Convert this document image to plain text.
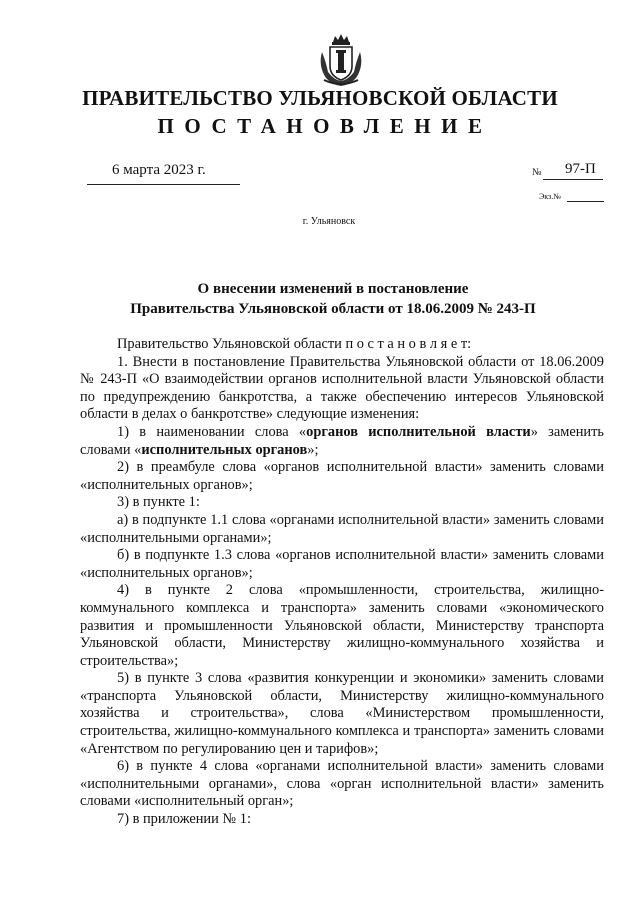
ПРАВИТЕЛЬСТВО УЛЬЯНОВСКОЙ ОБЛАСТИ
ПОСТАНОВЛЕНИЕ
6 марта 2023 г.	№ 97-П
Экз.№
г. Ульяновск
О внесении изменений в постановление
Правительства Ульяновской области от 18.06.2009 № 243-П

Правительство Ульяновской области п о с т а н о в л я е т:

1. Внести в постановление Правительства Ульяновской области от 18.06.2009 № 243-П «О взаимодействии органов исполнительной власти Ульяновской области по предупреждению банкротства, а также обеспечению интересов Ульяновской области в делах о банкротстве» следующие изменения:

1) в наименовании слова «органов исполнительной власти» заменить словами «исполнительных органов»;

2) в преамбуле слова «органов исполнительной власти» заменить словами «исполнительных органов»;

3) в пункте 1:

а) в подпункте 1.1 слова «органами исполнительной власти» заменить словами «исполнительными органами»;

б) в подпункте 1.3 слова «органов исполнительной власти» заменить словами «исполнительных органов»;

4) в пункте 2 слова «промышленности, строительства, жилищно-коммунального комплекса и транспорта» заменить словами «экономического развития и промышленности Ульяновской области, Министерству транспорта Ульяновской области, Министерству жилищно-коммунального хозяйства и строительства»;

5) в пункте 3 слова «развития конкуренции и экономики» заменить словами «транспорта Ульяновской области, Министерству жилищно-коммунального хозяйства и строительства», слова «Министерством промышленности, строительства, жилищно-коммунального комплекса и транспорта» заменить словами «Агентством по регулированию цен и тарифов»;

6) в пункте 4 слова «органами исполнительной власти» заменить словами «исполнительными органами», слова «орган исполнительной власти» заменить словами «исполнительный орган»;

7) в приложении № 1:
